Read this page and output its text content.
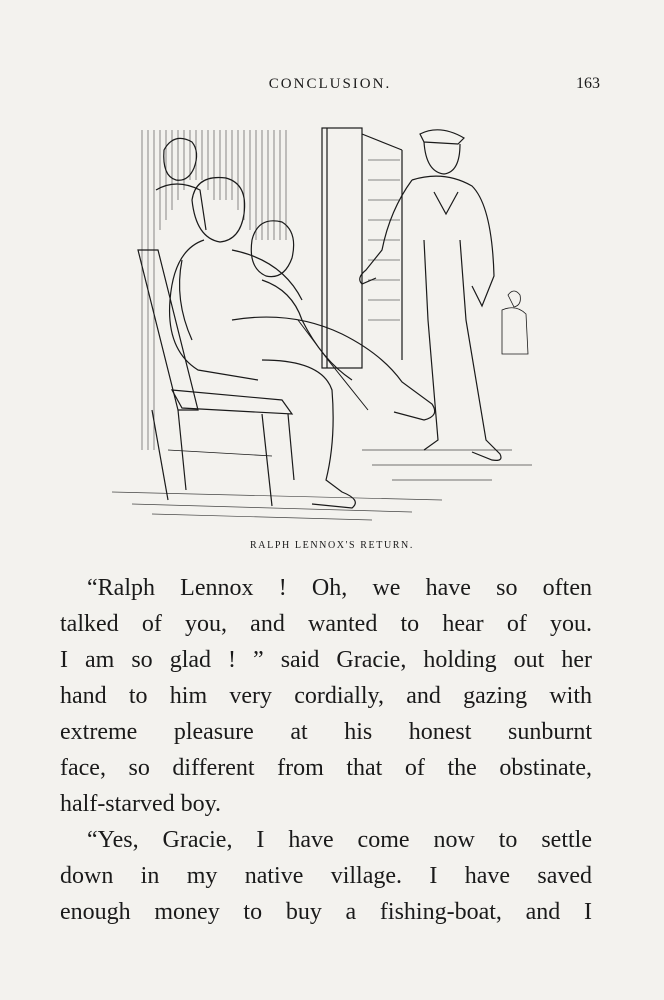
CONCLUSION.	163
RALPH LENNOX'S RETURN.
“Ralph Lennox ! Oh, we have so often
talked of you, and wanted to hear of you.
I am so glad ! ” said Gracie, holding out her
hand to him very cordially, and gazing with
extreme pleasure at his honest sunburnt
face, so different from that of the obstinate,
half-starved boy.
“Yes, Gracie, I have come now to settle
down in my native village. I have saved
enough money to buy a fishing-boat, and I
